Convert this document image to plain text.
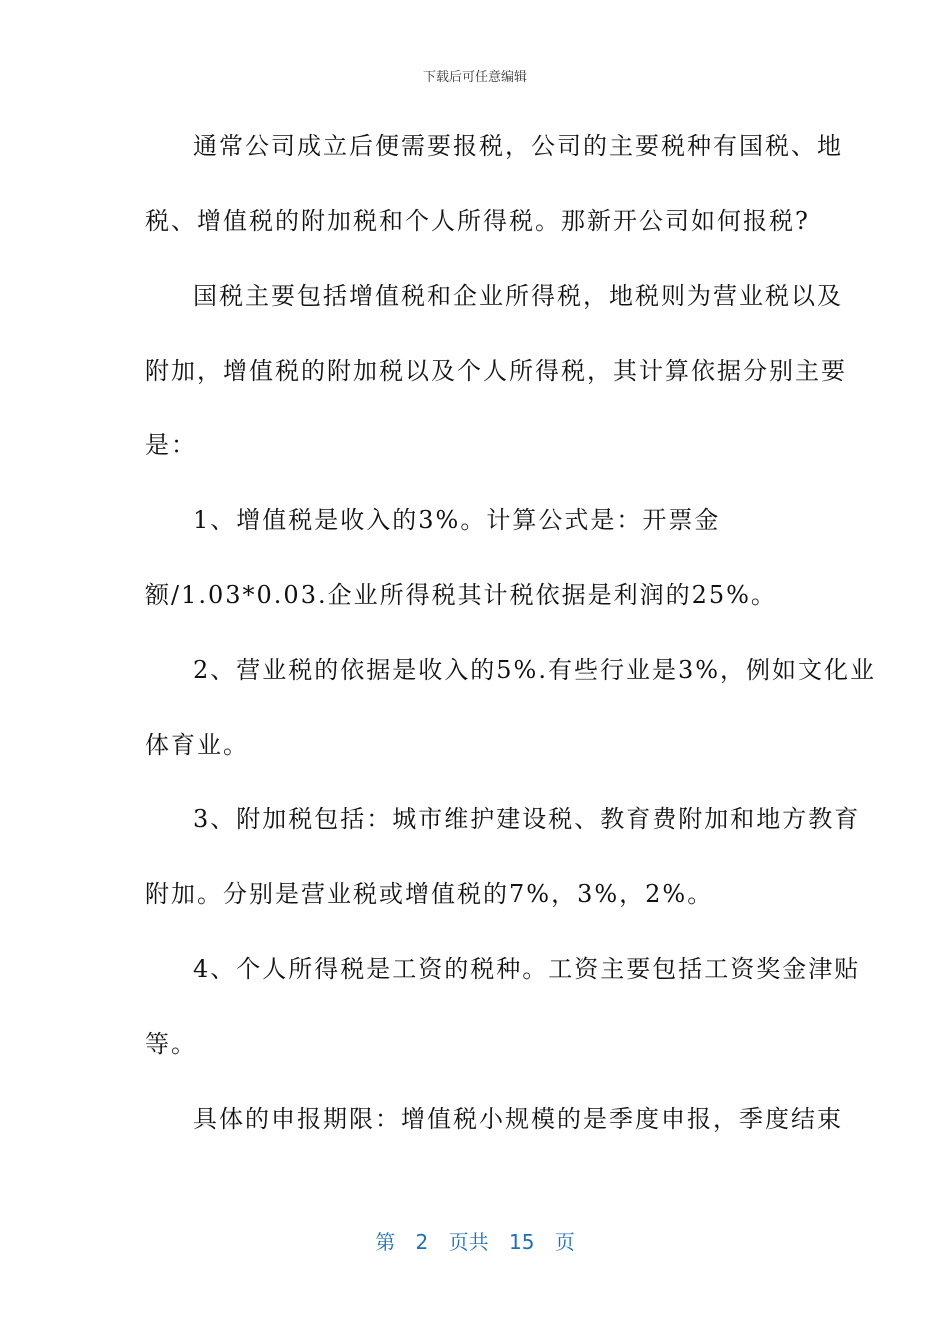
下载后可任意编辑
通常公司成立后便需要报税，公司的主要税种有国税、地
税、增值税的附加税和个人所得税。那新开公司如何报税?
国税主要包括增值税和企业所得税，地税则为营业税以及
附加，增值税的附加税以及个人所得税，其计算依据分别主要
是：
1、增值税是收入的3%。计算公式是：开票金
额/1.03*0.03.企业所得税其计税依据是利润的25%。
2、营业税的依据是收入的5%.有些行业是3%，例如文化业
体育业。
3、附加税包括：城市维护建设税、教育费附加和地方教育
附加。分别是营业税或增值税的7%，3%，2%。
4、个人所得税是工资的税种。工资主要包括工资奖金津贴
等。
具体的申报期限：增值税小规模的是季度申报，季度结束
第 2 页共 15 页
